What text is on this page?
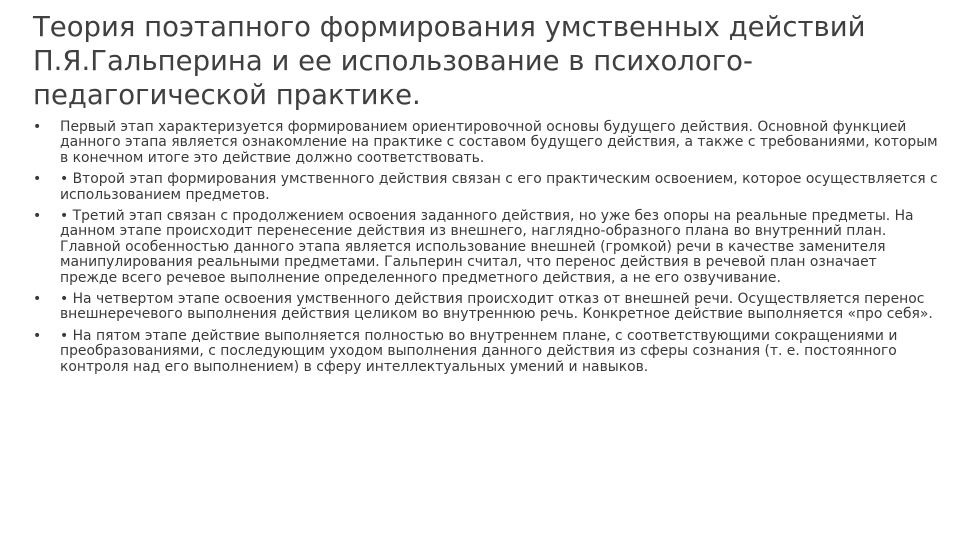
Теория поэтапного формирования умственных действий П.Я.Гальперина и ее использование в психолого-педагогической практике.
• Первый этап характеризуется формированием ориентировочной основы будущего действия. Основной функцией данного этапа является ознакомление на практике с составом будущего действия, а также с требованиями, которым в конечном итоге это действие должно соответствовать.
• • Второй этап формирования умственного действия связан с его практическим освоением, которое осуществляется с использованием предметов.
• • Третий этап связан с продолжением освоения заданного действия, но уже без опоры на реальные предметы. На данном этапе происходит перенесение действия из внешнего, наглядно-образного плана во внутренний план. Главной особенностью данного этапа является использование внешней (громкой) речи в качестве заменителя манипулирования реальными предметами. Гальперин считал, что перенос действия в речевой план означает прежде всего речевое выполнение определенного предметного действия, а не его озвучивание.
• • На четвертом этапе освоения умственного действия происходит отказ от внешней речи. Осуществляется перенос внешнеречевого выполнения действия целиком во внутреннюю речь. Конкретное действие выполняется «про себя».
• • На пятом этапе действие выполняется полностью во внутреннем плане, с соответствующими сокращениями и преобразованиями, с последующим уходом выполнения данного действия из сферы сознания (т. е. постоянного контроля над его выполнением) в сферу интеллектуальных умений и навыков.
